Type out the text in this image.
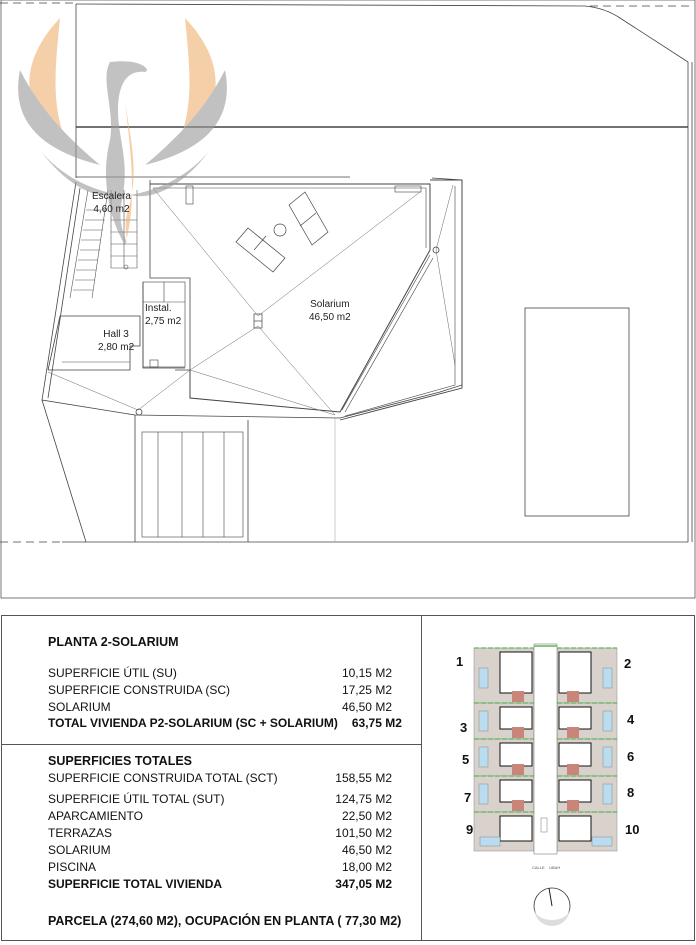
Escalera
4,60 m2
Instal.
2,75 m2
Hall 3
2,80 m2
Solarium
46,50 m2
PLANTA 2-SOLARIUM
SUPERFICIE ÚTIL (SU)	10,15 M2
SUPERFICIE CONSTRUIDA (SC)	17,25 M2
SOLARIUM	46,50 M2
TOTAL VIVIENDA P2-SOLARIUM (SC + SOLARIUM)	63,75 M2
SUPERFICIES TOTALES
SUPERFICIE CONSTRUIDA TOTAL (SCT)	158,55 M2
SUPERFICIE ÚTIL TOTAL (SUT)	124,75 M2
APARCAMIENTO	22,50 M2
TERRAZAS	101,50 M2
SOLARIUM	46,50 M2
PISCINA	18,00 M2
SUPERFICIE TOTAL VIVIENDA	347,05 M2
PARCELA (274,60 M2), OCUPACIÓN EN PLANTA ( 77,30 M2)
1	2
3
4
5	6
7	8
9	10
CALLE    UBAH
